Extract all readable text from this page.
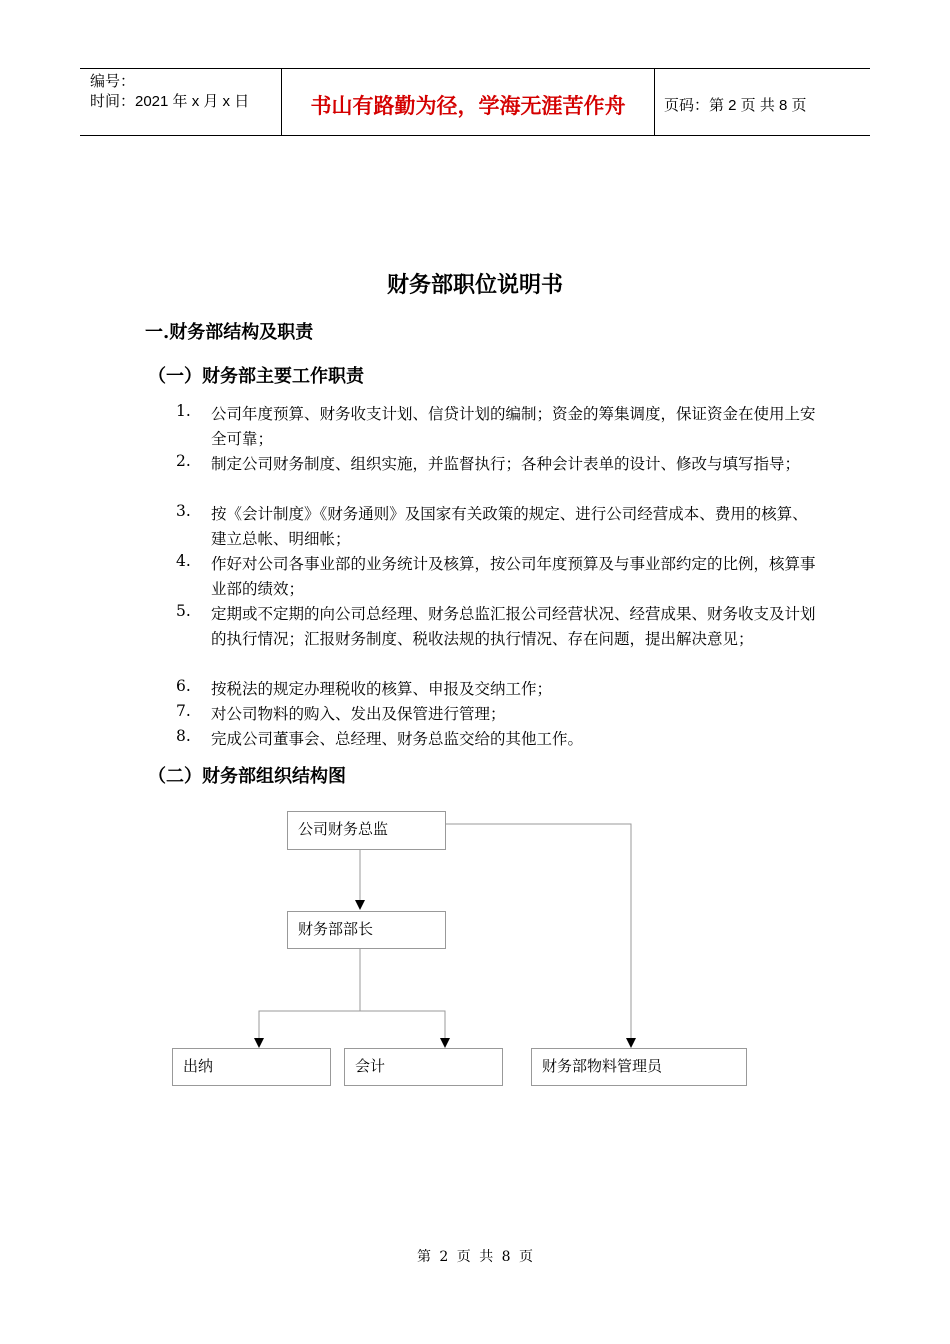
编号：
时间：2021 年 x 月 x 日	书山有路勤为径，学海无涯苦作舟	页码：第 2 页 共 8 页
财务部职位说明书
一.财务部结构及职责
（一）财务部主要工作职责
1. 公司年度预算、财务收支计划、信贷计划的编制；资金的筹集调度，保证资金在使用上安全可靠；
2. 制定公司财务制度、组织实施，并监督执行；各种会计表单的设计、修改与填写指导；
3. 按《会计制度》《财务通则》及国家有关政策的规定、进行公司经营成本、费用的核算、建立总帐、明细帐；
4. 作好对公司各事业部的业务统计及核算，按公司年度预算及与事业部约定的比例，核算事业部的绩效；
5. 定期或不定期的向公司总经理、财务总监汇报公司经营状况、经营成果、财务收支及计划的执行情况；汇报财务制度、税收法规的执行情况、存在问题，提出解决意见；
6. 按税法的规定办理税收的核算、申报及交纳工作；
7. 对公司物料的购入、发出及保管进行管理；
8. 完成公司董事会、总经理、财务总监交给的其他工作。
（二）财务部组织结构图
公司财务总监
财务部部长
出纳	会计	财务部物料管理员
第 2 页 共 8 页
